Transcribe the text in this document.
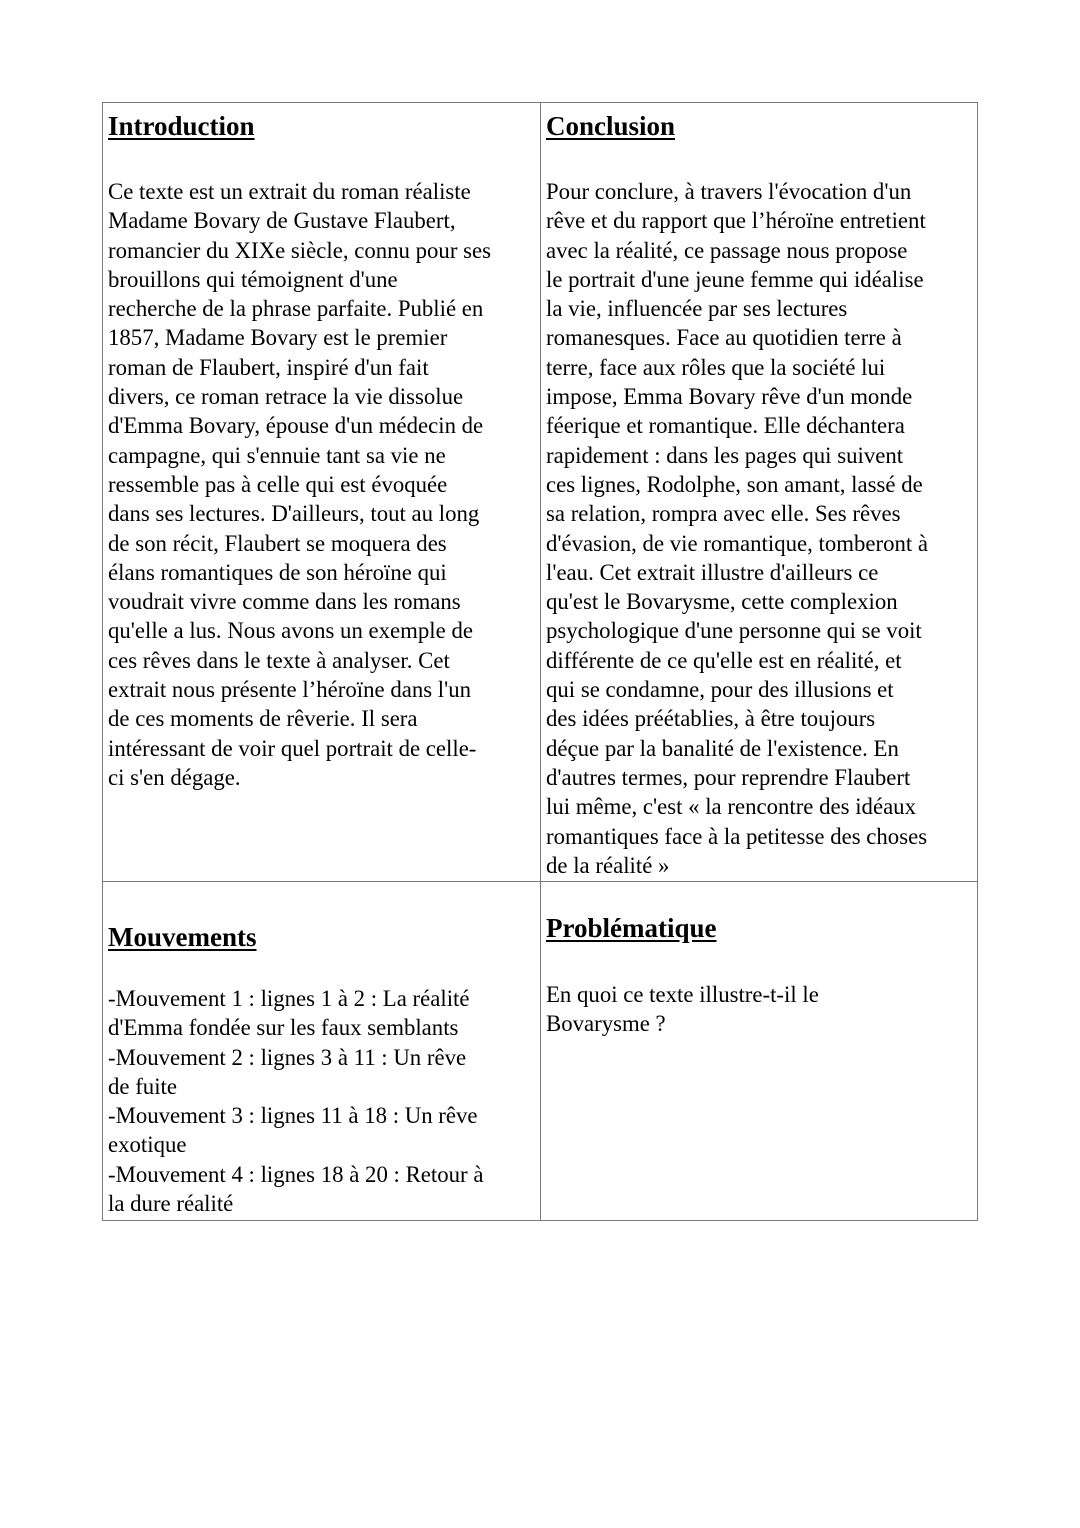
Introduction

Ce texte est un extrait du roman réaliste
Madame Bovary de Gustave Flaubert,
romancier du XIXe siècle, connu pour ses
brouillons qui témoignent d'une
recherche de la phrase parfaite. Publié en
1857, Madame Bovary est le premier
roman de Flaubert, inspiré d'un fait
divers, ce roman retrace la vie dissolue
d'Emma Bovary, épouse d'un médecin de
campagne, qui s'ennuie tant sa vie ne
ressemble pas à celle qui est évoquée
dans ses lectures. D'ailleurs, tout au long
de son récit, Flaubert se moquera des
élans romantiques de son héroïne qui
voudrait vivre comme dans les romans
qu'elle a lus. Nous avons un exemple de
ces rêves dans le texte à analyser. Cet
extrait nous présente l’héroïne dans l'un
de ces moments de rêverie. Il sera
intéressant de voir quel portrait de celle-
ci s'en dégage.

Conclusion

Pour conclure, à travers l'évocation d'un
rêve et du rapport que l’héroïne entretient
avec la réalité, ce passage nous propose
le portrait d'une jeune femme qui idéalise
la vie, influencée par ses lectures
romanesques. Face au quotidien terre à
terre, face aux rôles que la société lui
impose, Emma Bovary rêve d'un monde
féerique et romantique. Elle déchantera
rapidement : dans les pages qui suivent
ces lignes, Rodolphe, son amant, lassé de
sa relation, rompra avec elle. Ses rêves
d'évasion, de vie romantique, tomberont à
l'eau. Cet extrait illustre d'ailleurs ce
qu'est le Bovarysme, cette complexion
psychologique d'une personne qui se voit
différente de ce qu'elle est en réalité, et
qui se condamne, pour des illusions et
des idées préétablies, à être toujours
déçue par la banalité de l'existence. En
d'autres termes, pour reprendre Flaubert
lui même, c'est « la rencontre des idéaux
romantiques face à la petitesse des choses
de la réalité »

Mouvements

-Mouvement 1 : lignes 1 à 2 : La réalité
d'Emma fondée sur les faux semblants
-Mouvement 2 : lignes 3 à 11 : Un rêve
de fuite
-Mouvement 3 : lignes 11 à 18 : Un rêve
exotique
-Mouvement 4 : lignes 18 à 20 : Retour à
la dure réalité

Problématique

En quoi ce texte illustre-t-il le
Bovarysme ?
